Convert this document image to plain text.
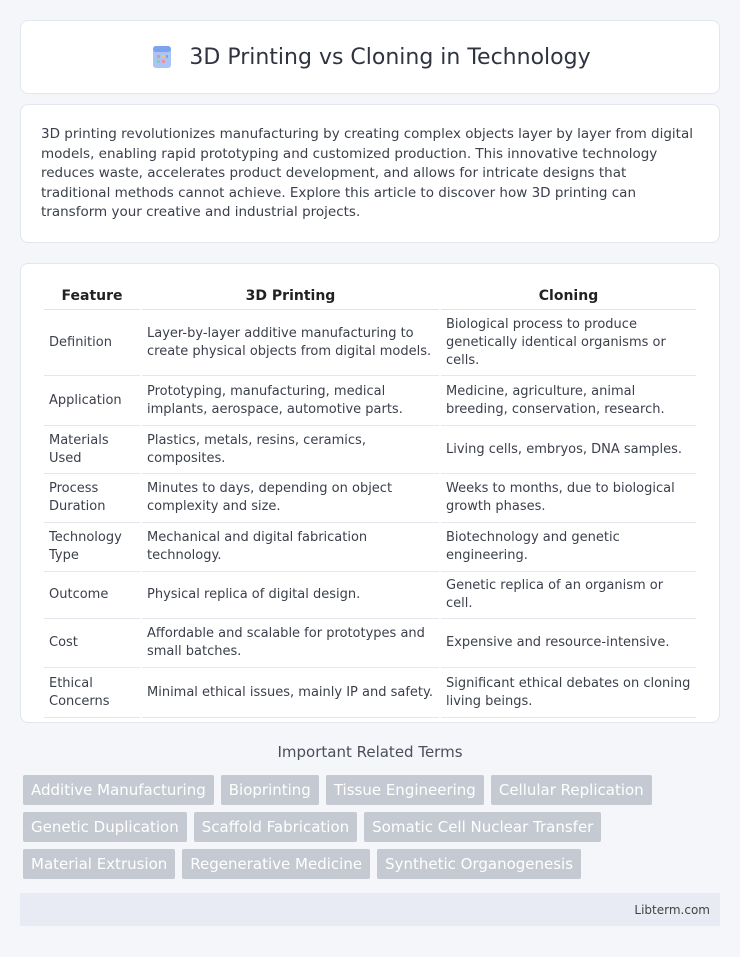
3D Printing vs Cloning in Technology

3D printing revolutionizes manufacturing by creating complex objects layer by layer from digital models, enabling rapid prototyping and customized production. This innovative technology reduces waste, accelerates product development, and allows for intricate designs that traditional methods cannot achieve. Explore this article to discover how 3D printing can transform your creative and industrial projects.

Feature	3D Printing	Cloning
Definition	Layer-by-layer additive manufacturing to create physical objects from digital models.	Biological process to produce genetically identical organisms or cells.
Application	Prototyping, manufacturing, medical implants, aerospace, automotive parts.	Medicine, agriculture, animal breeding, conservation, research.
Materials Used	Plastics, metals, resins, ceramics, composites.	Living cells, embryos, DNA samples.
Process Duration	Minutes to days, depending on object complexity and size.	Weeks to months, due to biological growth phases.
Technology Type	Mechanical and digital fabrication technology.	Biotechnology and genetic engineering.
Outcome	Physical replica of digital design.	Genetic replica of an organism or cell.
Cost	Affordable and scalable for prototypes and small batches.	Expensive and resource-intensive.
Ethical Concerns	Minimal ethical issues, mainly IP and safety.	Significant ethical debates on cloning living beings.
Important Related Terms
Additive Manufacturing	Bioprinting	Tissue Engineering	Cellular Replication
Genetic Duplication	Scaffold Fabrication	Somatic Cell Nuclear Transfer
Material Extrusion	Regenerative Medicine	Synthetic Organogenesis
Libterm.com
